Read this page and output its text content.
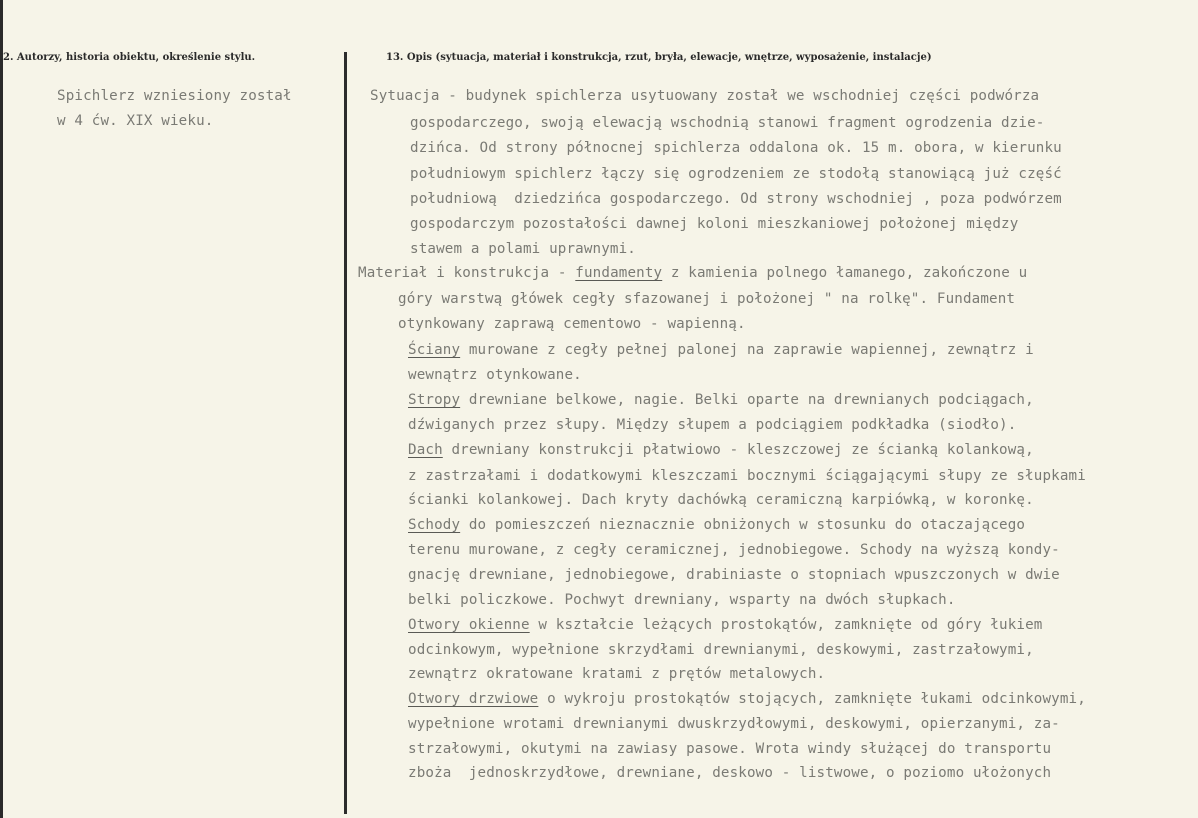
2. Autorzy, historia obiektu, określenie stylu.	13. Opis (sytuacja, materiał i konstrukcja, rzut, bryła, elewacje, wnętrze, wyposażenie, instalacje)
Spichlerz wzniesiony został
w 4 ćw. XIX wieku.
Sytuacja - budynek spichlerza usytuowany został we wschodniej części podwórza
gospodarczego, swoją elewacją wschodnią stanowi fragment ogrodzenia dzie-
dzińca. Od strony północnej spichlerza oddalona ok. 15 m. obora, w kierunku
południowym spichlerz łączy się ogrodzeniem ze stodołą stanowiącą już część
południową  dziedzińca gospodarczego. Od strony wschodniej , poza podwórzem
gospodarczym pozostałości dawnej koloni mieszkaniowej położonej między
stawem a polami uprawnymi.
Materiał i konstrukcja - fundamenty z kamienia polnego łamanego, zakończone u
góry warstwą główek cegły sfazowanej i położonej " na rolkę". Fundament
otynkowany zaprawą cementowo - wapienną.
Ściany murowane z cegły pełnej palonej na zaprawie wapiennej, zewnątrz i
wewnątrz otynkowane.
Stropy drewniane belkowe, nagie. Belki oparte na drewnianych podciągach,
dźwiganych przez słupy. Między słupem a podciągiem podkładka (siodło).
Dach drewniany konstrukcji płatwiowo - kleszczowej ze ścianką kolankową,
z zastrzałami i dodatkowymi kleszczami bocznymi ściągającymi słupy ze słupkami
ścianki kolankowej. Dach kryty dachówką ceramiczną karpiówką, w koronkę.
Schody do pomieszczeń nieznacznie obniżonych w stosunku do otaczającego
terenu murowane, z cegły ceramicznej, jednobiegowe. Schody na wyższą kondy-
gnację drewniane, jednobiegowe, drabiniaste o stopniach wpuszczonych w dwie
belki policzkowe. Pochwyt drewniany, wsparty na dwóch słupkach.
Otwory okienne w kształcie leżących prostokątów, zamknięte od góry łukiem
odcinkowym, wypełnione skrzydłami drewnianymi, deskowymi, zastrzałowymi,
zewnątrz okratowane kratami z prętów metalowych.
Otwory drzwiowe o wykroju prostokątów stojących, zamknięte łukami odcinkowymi,
wypełnione wrotami drewnianymi dwuskrzydłowymi, deskowymi, opierzanymi, za-
strzałowymi, okutymi na zawiasy pasowe. Wrota windy służącej do transportu
zboża  jednoskrzydłowe, drewniane, deskowo - listwowe, o poziomo ułożonych
